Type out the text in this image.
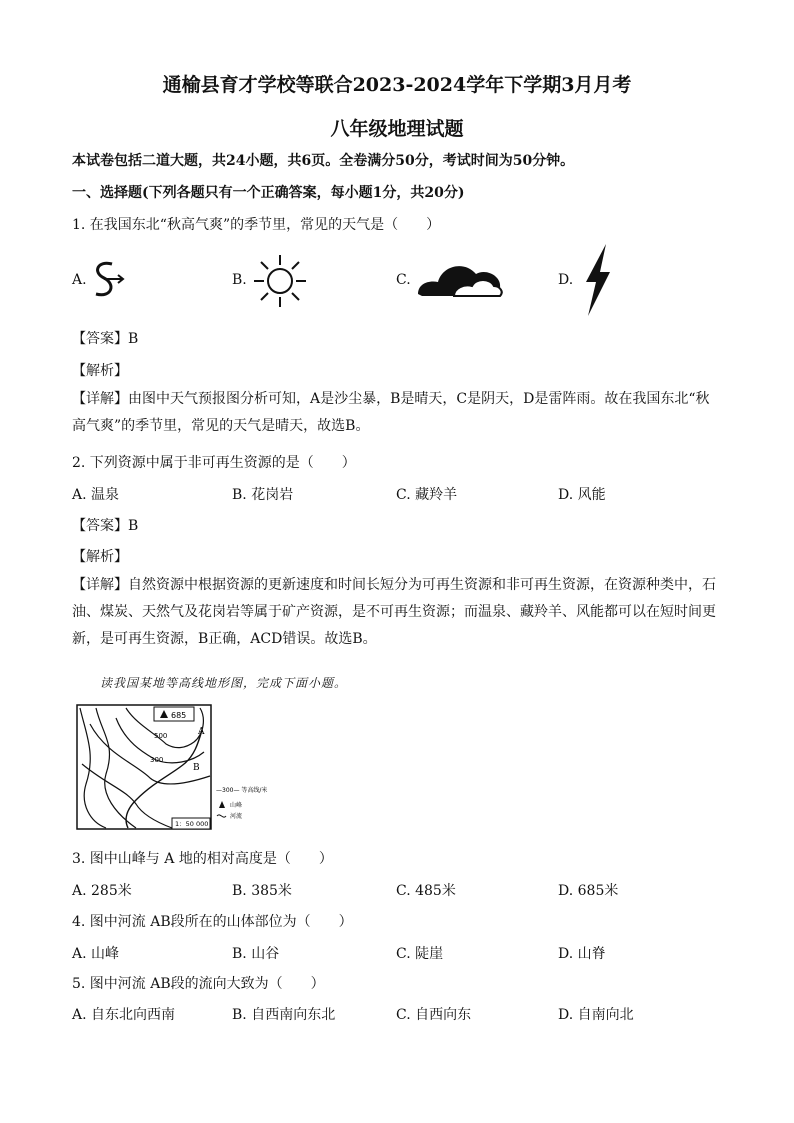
通榆县育才学校等联合2023-2024学年下学期3月月考
八年级地理试题
本试卷包括二道大题，共24小题，共6页。全卷满分50分，考试时间为50分钟。
一、选择题(下列各题只有一个正确答案，每小题1分，共20分)
1. 在我国东北“秋高气爽”的季节里，常见的天气是（　　）
A.	B.	C.	D.
【答案】B
【解析】
【详解】由图中天气预报图分析可知，A是沙尘暴，B是晴天，C是阴天，D是雷阵雨。故在我国东北“秋高气爽”的季节里，常见的天气是晴天，故选B。
2. 下列资源中属于非可再生资源的是（　　）
A. 温泉	B. 花岗岩	C. 藏羚羊	D. 风能
【答案】B
【解析】
【详解】自然资源中根据资源的更新速度和时间长短分为可再生资源和非可再生资源，在资源种类中，石油、煤炭、天然气及花岗岩等属于矿产资源，是不可再生资源；而温泉、藏羚羊、风能都可以在短时间更新，是可再生资源，B正确，ACD错误。故选B。
读我国某地等高线地形图，完成下面小题。
685
500
300
A
B
1：50 000
—300— 等高线/米
山峰
河流
3. 图中山峰与 A 地的相对高度是（　　）
A. 285米	B. 385米	C. 485米	D. 685米
4. 图中河流 AB段所在的山体部位为（　　）
A. 山峰	B. 山谷	C. 陡崖	D. 山脊
5. 图中河流 AB段的流向大致为（　　）
A. 自东北向西南	B. 自西南向东北	C. 自西向东	D. 自南向北
